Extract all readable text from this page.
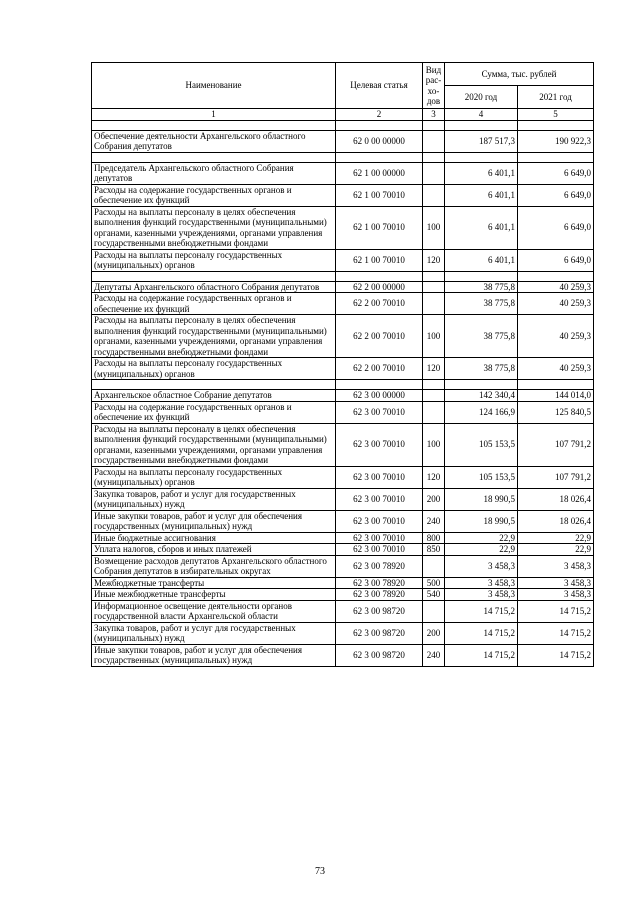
Наименование	Целевая статья	Вид рас-хо-дов	Сумма, тыс. рублей	
			2020 год	2021 год
1	2	3	4	5

Обеспечение деятельности Архангельского областного Собрания депутатов	62 0 00 00000		187 517,3	190 922,3

Председатель Архангельского областного Собрания депутатов	62 1 00 00000		6 401,1	6 649,0
Расходы на содержание государственных органов и обеспечение их функций	62 1 00 70010		6 401,1	6 649,0
Расходы на выплаты персоналу в целях обеспечения выполнения функций государственными (муниципальными) органами, казенными учреждениями, органами управления государственными внебюджетными фондами	62 1 00 70010	100	6 401,1	6 649,0
Расходы на выплаты персоналу государственных (муниципальных) органов	62 1 00 70010	120	6 401,1	6 649,0

Депутаты Архангельского областного Собрания депутатов	62 2 00 00000		38 775,8	40 259,3
Расходы на содержание государственных органов и обеспечение их функций	62 2 00 70010		38 775,8	40 259,3
Расходы на выплаты персоналу в целях обеспечения выполнения функций государственными (муниципальными) органами, казенными учреждениями, органами управления государственными внебюджетными фондами	62 2 00 70010	100	38 775,8	40 259,3
Расходы на выплаты персоналу государственных (муниципальных) органов	62 2 00 70010	120	38 775,8	40 259,3

Архангельское областное Собрание депутатов	62 3 00 00000		142 340,4	144 014,0
Расходы на содержание государственных органов и обеспечение их функций	62 3 00 70010		124 166,9	125 840,5
Расходы на выплаты персоналу в целях обеспечения выполнения функций государственными (муниципальными) органами, казенными учреждениями, органами управления государственными внебюджетными фондами	62 3 00 70010	100	105 153,5	107 791,2
Расходы на выплаты персоналу государственных (муниципальных) органов	62 3 00 70010	120	105 153,5	107 791,2
Закупка товаров, работ и услуг для государственных (муниципальных) нужд	62 3 00 70010	200	18 990,5	18 026,4
Иные закупки товаров, работ и услуг для обеспечения государственных (муниципальных) нужд	62 3 00 70010	240	18 990,5	18 026,4
Иные бюджетные ассигнования	62 3 00 70010	800	22,9	22,9
Уплата налогов, сборов и иных платежей	62 3 00 70010	850	22,9	22,9
Возмещение расходов депутатов Архангельского областного Собрания депутатов в избирательных округах	62 3 00 78920		3 458,3	3 458,3
Межбюджетные трансферты	62 3 00 78920	500	3 458,3	3 458,3
Иные межбюджетные трансферты	62 3 00 78920	540	3 458,3	3 458,3
Информационное освещение деятельности органов государственной власти Архангельской области	62 3 00 98720		14 715,2	14 715,2
Закупка товаров, работ и услуг для государственных (муниципальных) нужд	62 3 00 98720	200	14 715,2	14 715,2
Иные закупки товаров, работ и услуг для обеспечения государственных (муниципальных) нужд	62 3 00 98720	240	14 715,2	14 715,2
73
